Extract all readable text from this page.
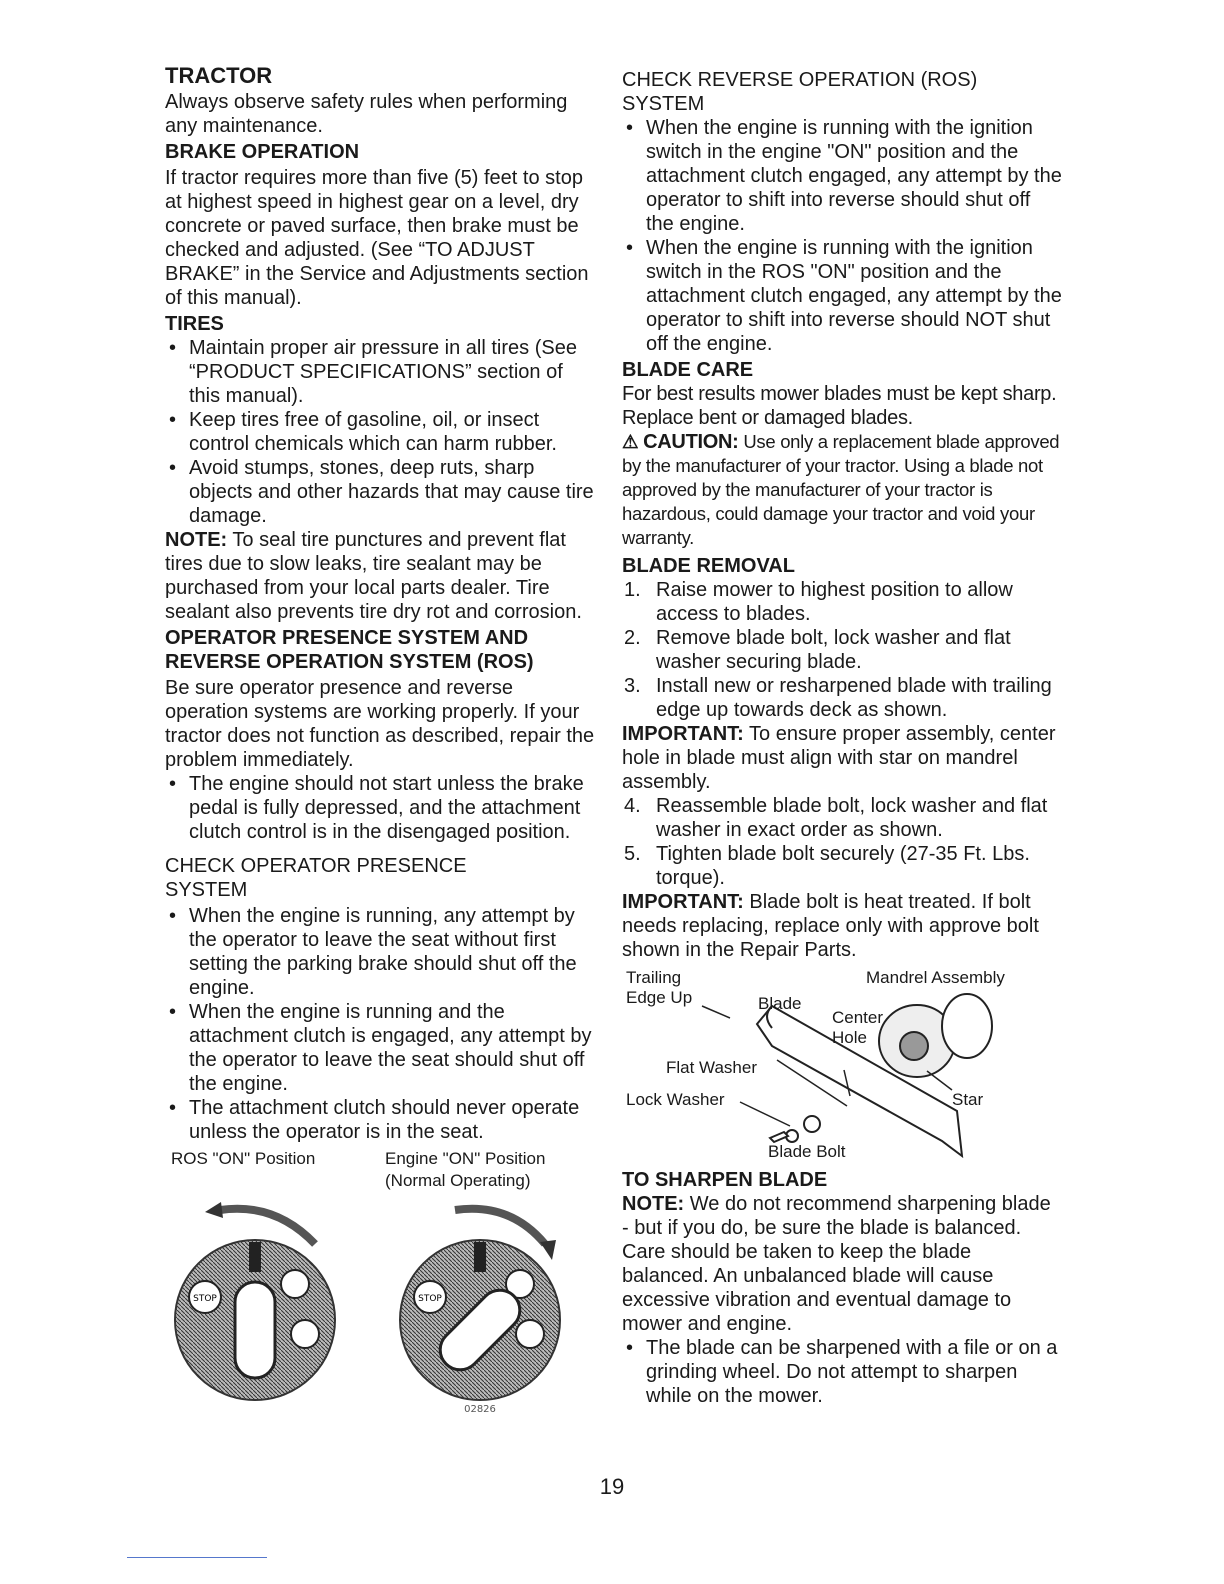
TRACTOR

Always observe safety rules when performing any maintenance.

BRAKE OPERATION

If tractor requires more than five (5) feet to stop at highest speed in highest gear on a level, dry concrete or paved surface, then brake must be checked and adjusted. (See “TO ADJUST BRAKE” in the Service and Adjustments section of this manual).

TIRES
• Maintain proper air pressure in all tires (See “PRODUCT SPECIFICATIONS” section of this manual).
• Keep tires free of gasoline, oil, or insect control chemicals which can harm rubber.
• Avoid stumps, stones, deep ruts, sharp objects and other hazards that may cause tire damage.

NOTE: To seal tire punctures and prevent flat tires due to slow leaks, tire sealant may be purchased from your local parts dealer. Tire sealant also prevents tire dry rot and corrosion.

OPERATOR PRESENCE SYSTEM AND REVERSE OPERATION SYSTEM (ROS)

Be sure operator presence and reverse operation systems are working properly. If your tractor does not function as described, repair the problem immediately.

• The engine should not start unless the brake pedal is fully depressed, and the attachment clutch control is in the disengaged position.

CHECK OPERATOR PRESENCE SYSTEM

• When the engine is running, any attempt by the operator to leave the seat without first setting the parking brake should shut off the engine.
• When the engine is running and the attachment clutch is engaged, any attempt by the operator to leave the seat should shut off the engine.
• The attachment clutch should never operate unless the operator is in the seat.
ROS "ON" Position	Engine "ON" Position (Normal Operating)
STOP	STOP
02826

CHECK REVERSE OPERATION (ROS) SYSTEM

• When the engine is running with the ignition switch in the engine "ON" position and the attachment clutch engaged, any attempt by the operator to shift into reverse should shut off the engine.
• When the engine is running with the ignition switch in the ROS "ON" position and the attachment clutch engaged, any attempt by the operator to shift into reverse should NOT shut off the engine.
BLADE CARE

For best results mower blades must be kept sharp. Replace bent or damaged blades.

⚠ CAUTION: Use only a replacement blade approved by the manufacturer of your tractor. Using a blade not approved by the manufacturer of your tractor is hazardous, could damage your tractor and void your warranty.

BLADE REMOVAL
1. Raise mower to highest position to allow access to blades.
2. Remove blade bolt, lock washer and flat washer securing blade.
3. Install new or resharpened blade with trailing edge up towards deck as shown.

IMPORTANT: To ensure proper assembly, center hole in blade must align with star on mandrel assembly.

4. Reassemble blade bolt, lock washer and flat washer in exact order as shown.
5. Tighten blade bolt securely (27-35 Ft. Lbs. torque).

IMPORTANT: Blade bolt is heat treated. If bolt needs replacing, replace only with approve bolt shown in the Repair Parts.

Trailing
Edge Up	Blade
Mandrel Assembly
Center
Hole
Flat Washer
Lock Washer	Star
Blade Bolt
TO SHARPEN BLADE

NOTE: We do not recommend sharpening blade - but if you do, be sure the blade is balanced.

Care should be taken to keep the blade balanced. An unbalanced blade will cause excessive vibration and eventual damage to mower and engine.

• The blade can be sharpened with a file or on a grinding wheel. Do not attempt to sharpen while on the mower.
19
